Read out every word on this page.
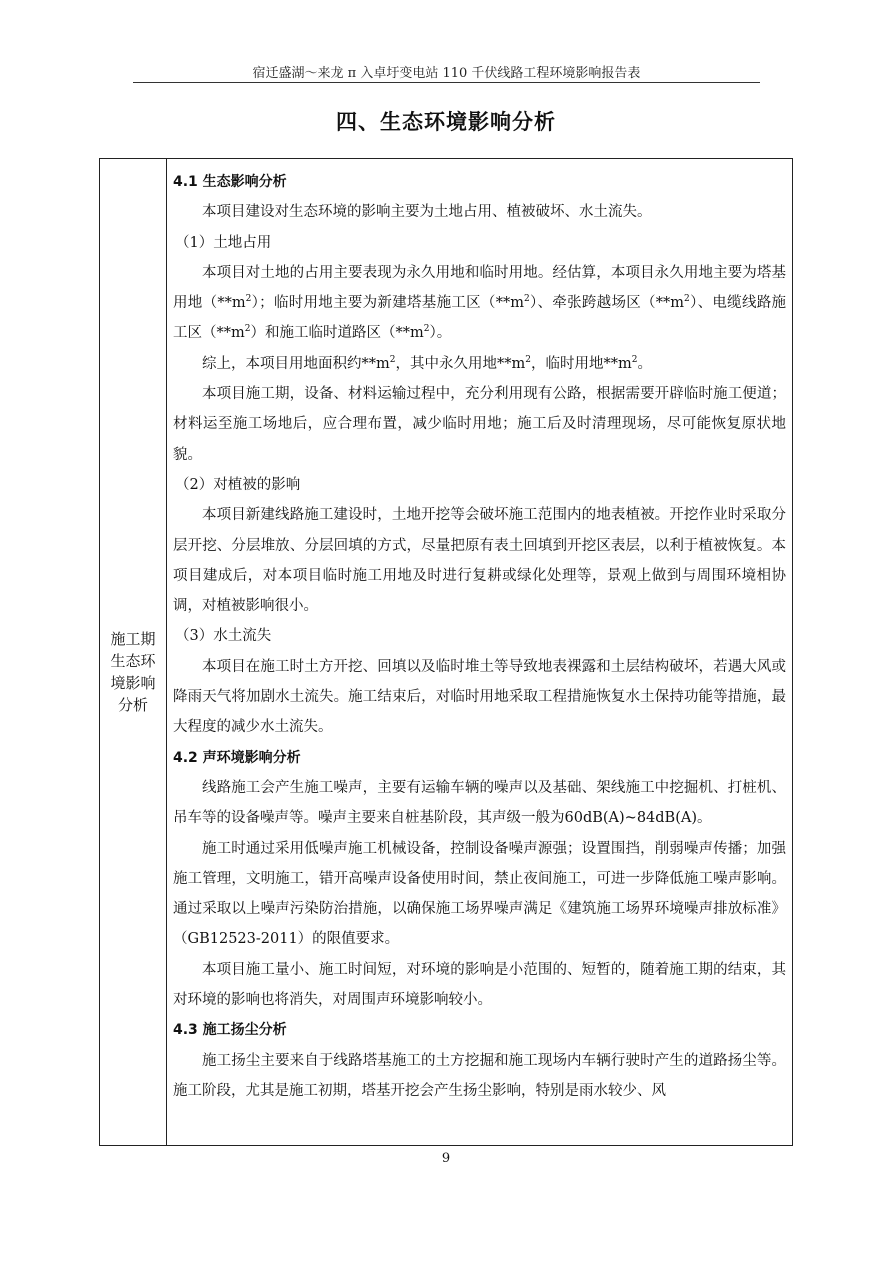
宿迁盛湖～来龙 π 入卓圩变电站 110 千伏线路工程环境影响报告表
四、生态环境影响分析
施工期生态环境影响分析

4.1 生态影响分析

本项目建设对生态环境的影响主要为土地占用、植被破坏、水土流失。

（1）土地占用

本项目对土地的占用主要表现为永久用地和临时用地。经估算，本项目永久用地主要为塔基用地$(**m^2)$；临时用地主要为新建塔基施工区$(**m^2)$、牵张跨越场区$(**m^2)$、电缆线路施工区$(**m^2)$和施工临时道路区$(**m^2)$。

综上，本项目用地面积约$**m^2$，其中永久用地$**m^2$，临时用地$**m^2$。

本项目施工期，设备、材料运输过程中，充分利用现有公路，根据需要开辟临时施工便道；材料运至施工场地后，应合理布置，减少临时用地；施工后及时清理现场，尽可能恢复原状地貌。

（2）对植被的影响

本项目新建线路施工建设时，土地开挖等会破坏施工范围内的地表植被。开挖作业时采取分层开挖、分层堆放、分层回填的方式，尽量把原有表土回填到开挖区表层，以利于植被恢复。本项目建成后，对本项目临时施工用地及时进行复耕或绿化处理等，景观上做到与周围环境相协调，对植被影响很小。

（3）水土流失

本项目在施工时土方开挖、回填以及临时堆土等导致地表裸露和土层结构破坏，若遇大风或降雨天气将加剧水土流失。施工结束后，对临时用地采取工程措施恢复水土保持功能等措施，最大程度的减少水土流失。

4.2 声环境影响分析

线路施工会产生施工噪声，主要有运输车辆的噪声以及基础、架线施工中挖掘机、打桩机、吊车等的设备噪声等。噪声主要来自桩基阶段，其声级一般为60dB(A)~84dB(A)。

施工时通过采用低噪声施工机械设备，控制设备噪声源强；设置围挡，削弱噪声传播；加强施工管理，文明施工，错开高噪声设备使用时间，禁止夜间施工，可进一步降低施工噪声影响。通过采取以上噪声污染防治措施，以确保施工场界噪声满足《建筑施工场界环境噪声排放标准》（GB12523-2011）的限值要求。

本项目施工量小、施工时间短，对环境的影响是小范围的、短暂的，随着施工期的结束，其对环境的影响也将消失，对周围声环境影响较小。

4.3 施工扬尘分析

施工扬尘主要来自于线路塔基施工的土方挖掘和施工现场内车辆行驶时产生的道路扬尘等。施工阶段，尤其是施工初期，塔基开挖会产生扬尘影响，特别是雨水较少、风

9
